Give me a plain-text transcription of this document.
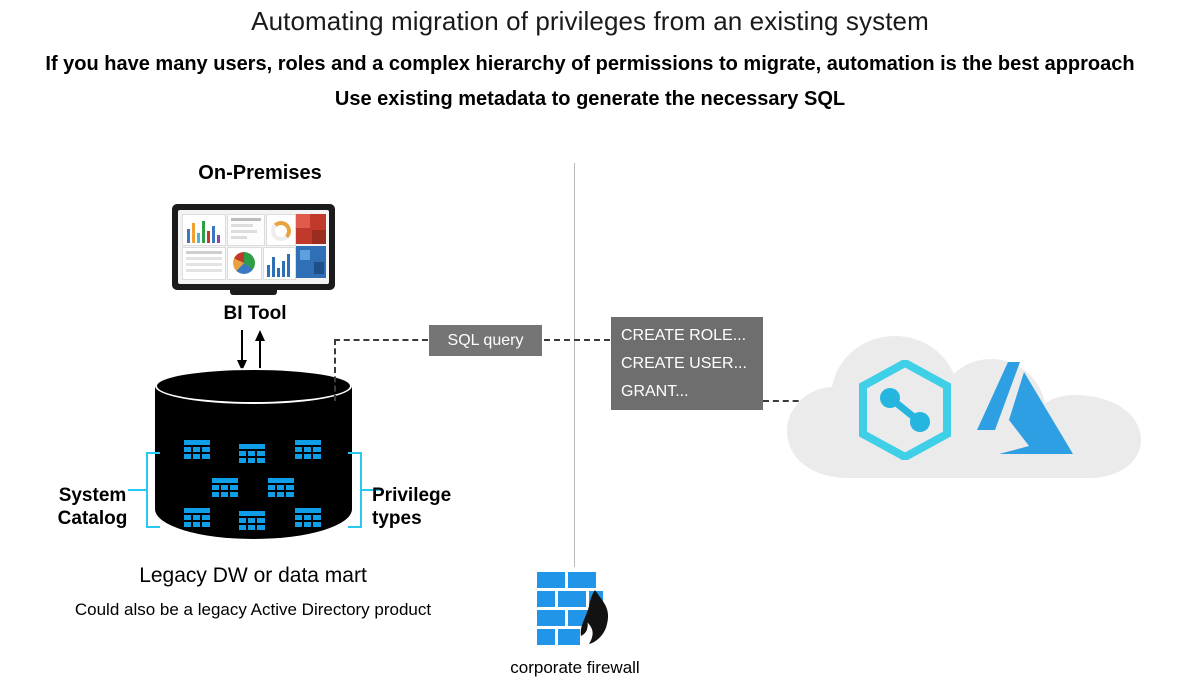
Automating migration of privileges from an existing system
If you have many users, roles and a complex hierarchy of permissions to migrate, automation is the best approach
Use existing metadata to generate the necessary SQL
On-Premises
BI Tool
System
Catalog
Privilege
types
Legacy DW or data mart
Could also be a legacy Active Directory product
SQL query	CREATE ROLE...
CREATE USER...
GRANT...
corporate firewall
